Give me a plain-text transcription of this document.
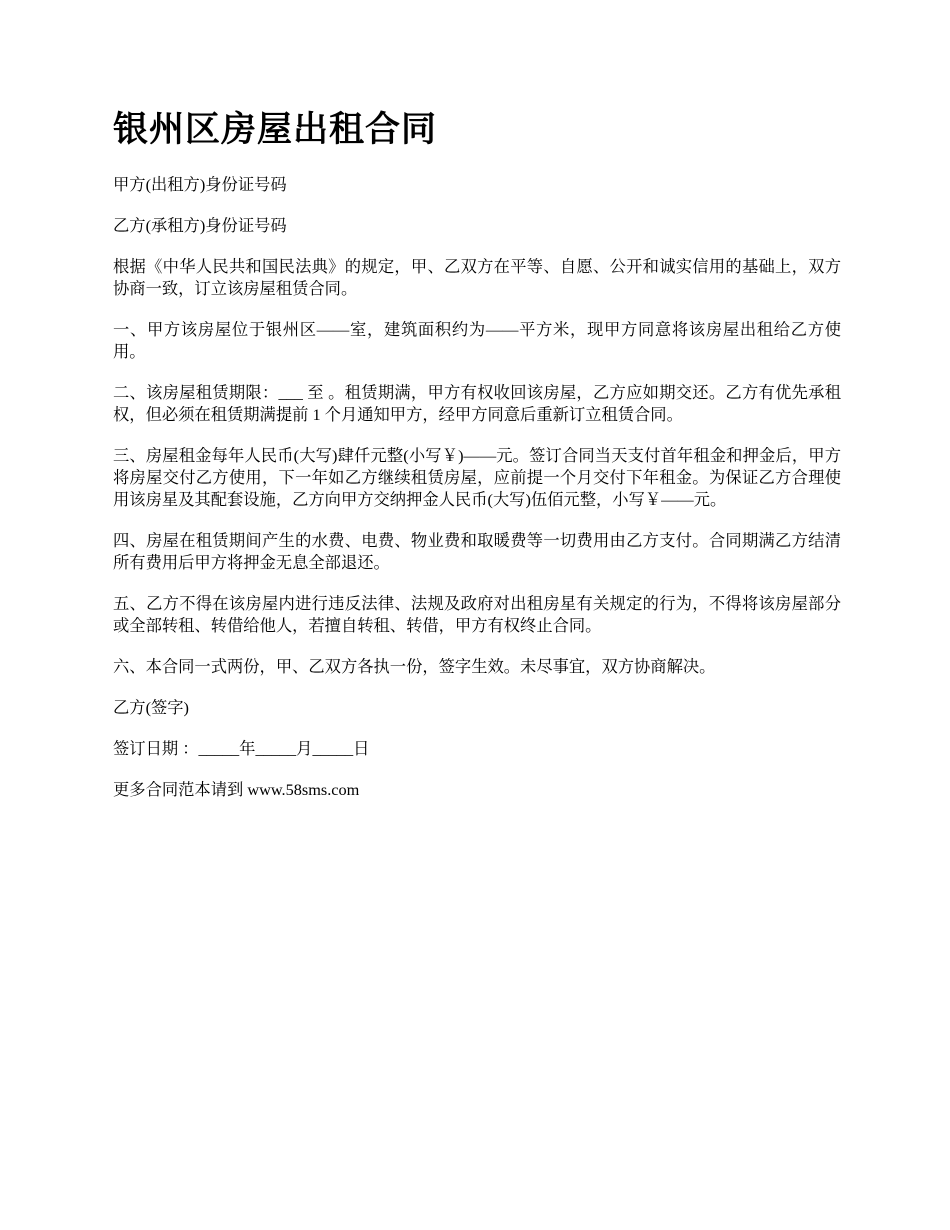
银州区房屋出租合同

甲方(出租方)身份证号码

乙方(承租方)身份证号码

根据《中华人民共和国民法典》的规定，甲、乙双方在平等、自愿、公开和诚实信用的基础上，双方协商一致，订立该房屋租赁合同。

一、甲方该房屋位于银州区——室，建筑面积约为——平方米，现甲方同意将该房屋出租给乙方使用。

二、该房屋租赁期限：___ 至 。租赁期满，甲方有权收回该房屋，乙方应如期交还。乙方有优先承租权，但必须在租赁期满提前 1 个月通知甲方，经甲方同意后重新订立租赁合同。

三、房屋租金每年人民币(大写)肆仟元整(小写￥)——元。签订合同当天支付首年租金和押金后，甲方将房屋交付乙方使用，下一年如乙方继续租赁房屋，应前提一个月交付下年租金。为保证乙方合理使用该房星及其配套设施，乙方向甲方交纳押金人民币(大写)伍佰元整，小写￥——元。

四、房屋在租赁期间产生的水费、电费、物业费和取暖费等一切费用由乙方支付。合同期满乙方结清所有费用后甲方将押金无息全部退还。

五、乙方不得在该房屋内进行违反法律、法规及政府对出租房星有关规定的行为，不得将该房屋部分或全部转租、转借给他人，若擅自转租、转借，甲方有权终止合同。

六、本合同一式两份，甲、乙双方各执一份，签字生效。未尽事宜，双方协商解决。

乙方(签字)

签订日期 ：_____年_____月_____日

更多合同范本请到 www.58sms.com
